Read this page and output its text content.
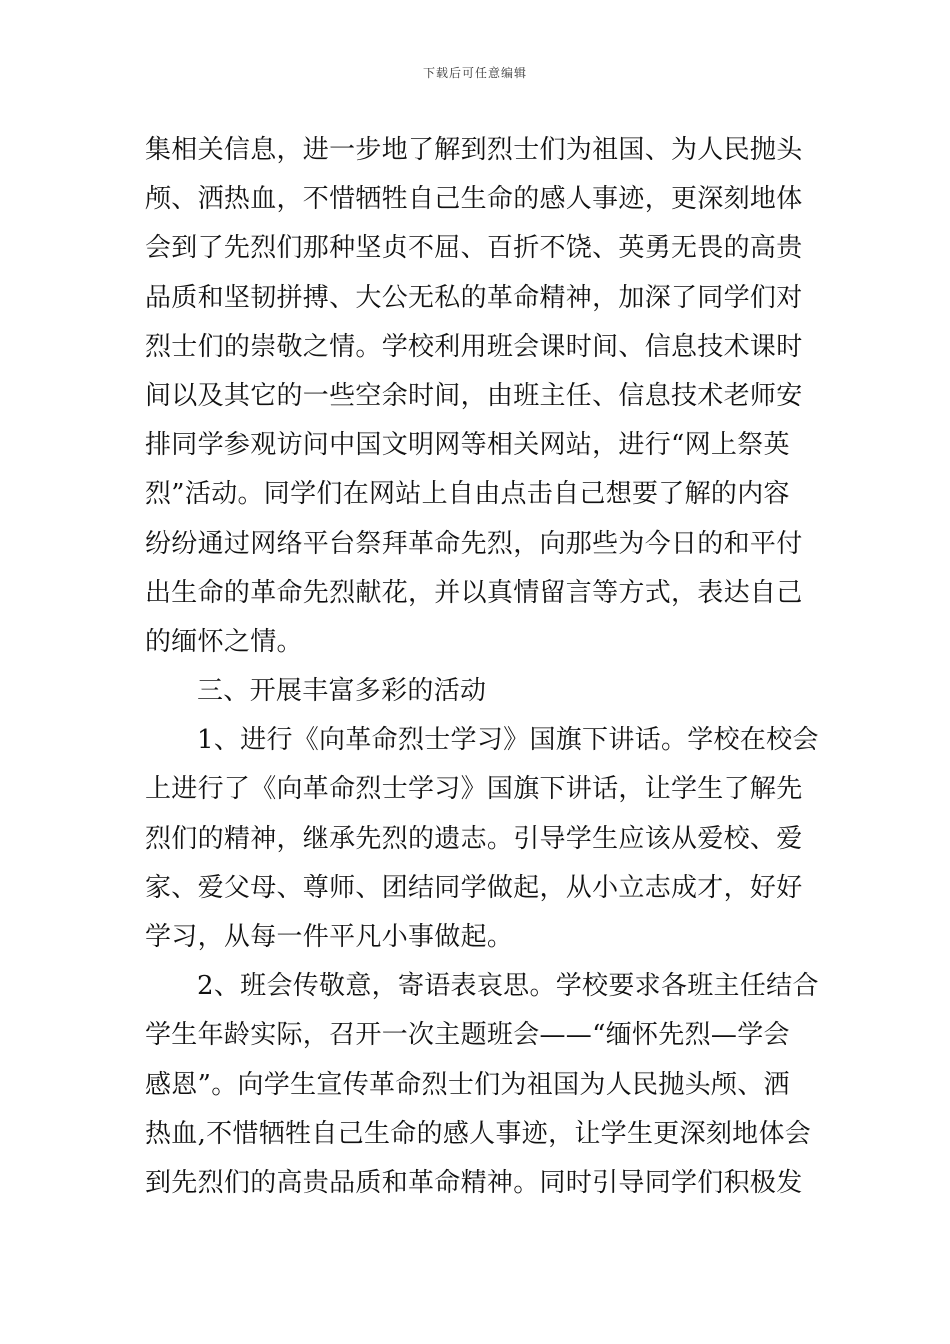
下载后可任意编辑
集相关信息，进一步地了解到烈士们为祖国、为人民抛头
颅、洒热血，不惜牺牲自己生命的感人事迹，更深刻地体
会到了先烈们那种坚贞不屈、百折不饶、英勇无畏的高贵
品质和坚韧拼搏、大公无私的革命精神，加深了同学们对
烈士们的崇敬之情。学校利用班会课时间、信息技术课时
间以及其它的一些空余时间，由班主任、信息技术老师安
排同学参观访问中国文明网等相关网站，进行“网上祭英
烈”活动。同学们在网站上自由点击自己想要了解的内容
纷纷通过网络平台祭拜革命先烈，向那些为今日的和平付
出生命的革命先烈献花，并以真情留言等方式，表达自己
的缅怀之情。
三、开展丰富多彩的活动
1、进行《向革命烈士学习》国旗下讲话。学校在校会
上进行了《向革命烈士学习》国旗下讲话，让学生了解先
烈们的精神，继承先烈的遗志。引导学生应该从爱校、爱
家、爱父母、尊师、团结同学做起，从小立志成才，好好
学习，从每一件平凡小事做起。
2、班会传敬意，寄语表哀思。学校要求各班主任结合
学生年龄实际，召开一次主题班会——“缅怀先烈—学会
感恩”。向学生宣传革命烈士们为祖国为人民抛头颅、洒
热血,不惜牺牲自己生命的感人事迹，让学生更深刻地体会
到先烈们的高贵品质和革命精神。同时引导同学们积极发
